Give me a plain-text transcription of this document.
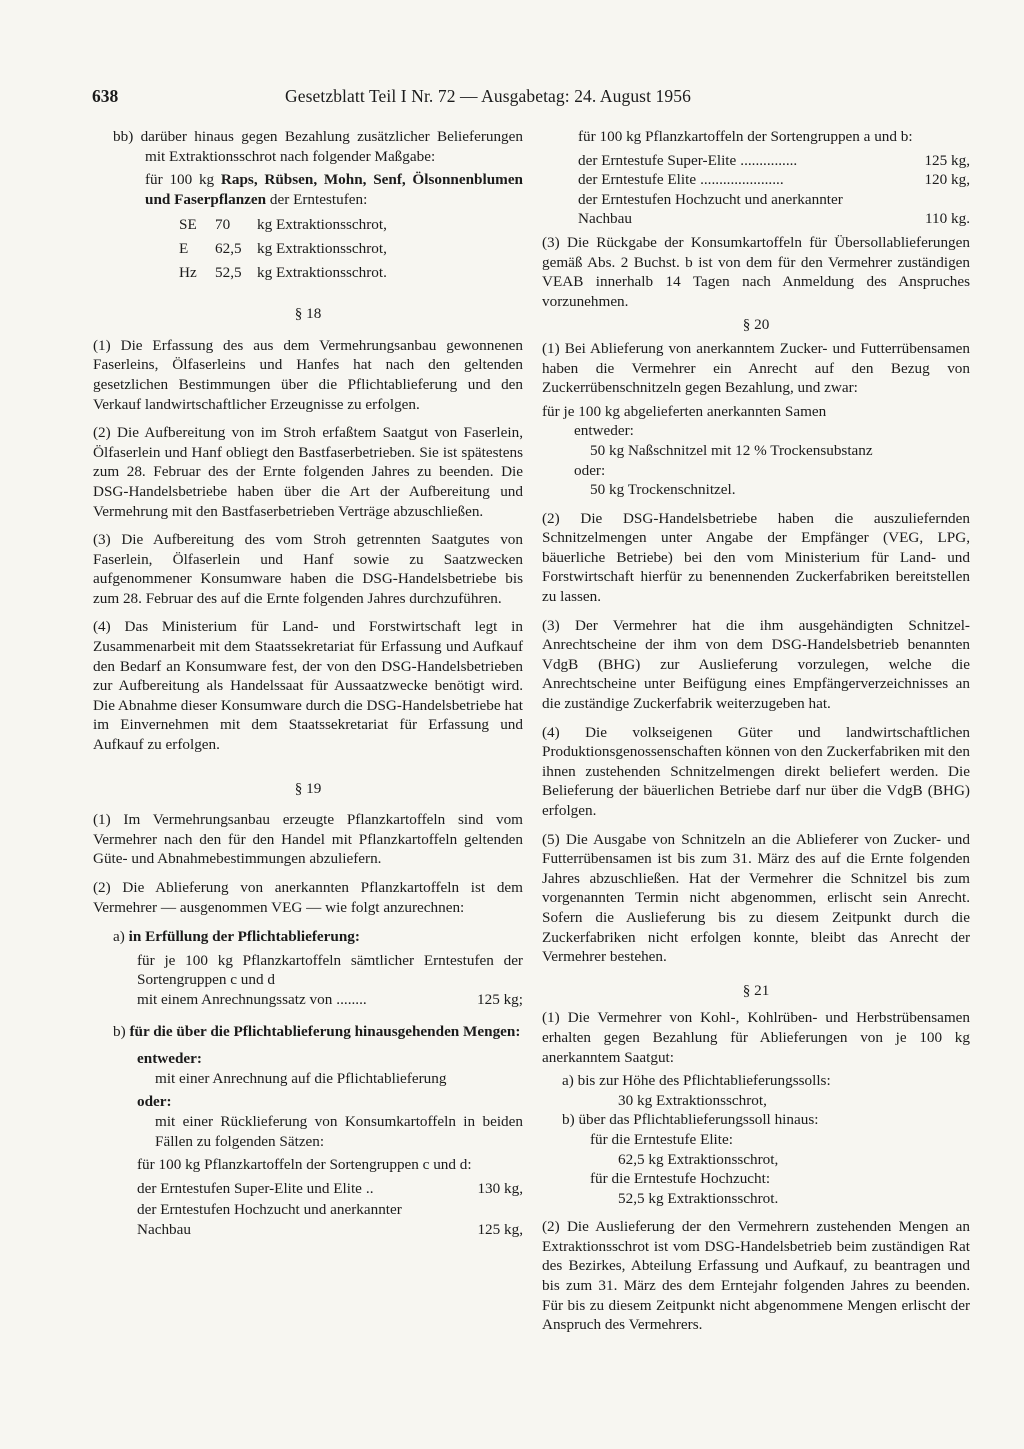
638	Gesetzblatt Teil I Nr. 72 — Ausgabetag: 24. August 1956

bb) darüber hinaus gegen Bezahlung zusätzlicher Belieferungen mit Extraktionsschrot nach folgender Maßgabe:

für 100 kg Raps, Rübsen, Mohn, Senf, Ölsonnenblumen und Faserpflanzen der Erntestufen:

SE	70	kg Extraktionsschrot,
E	62,5	kg Extraktionsschrot,
Hz	52,5	kg Extraktionsschrot.
§ 18

(1) Die Erfassung des aus dem Vermehrungsanbau gewonnenen Faserleins, Ölfaserleins und Hanfes hat nach den geltenden gesetzlichen Bestimmungen über die Pflichtablieferung und den Verkauf landwirtschaftlicher Erzeugnisse zu erfolgen.

(2) Die Aufbereitung von im Stroh erfaßtem Saatgut von Faserlein, Ölfaserlein und Hanf obliegt den Bastfaserbetrieben. Sie ist spätestens zum 28. Februar des der Ernte folgenden Jahres zu beenden. Die DSG-Handelsbetriebe haben über die Art der Aufbereitung und Vermehrung mit den Bastfaserbetrieben Verträge abzuschließen.

(3) Die Aufbereitung des vom Stroh getrennten Saatgutes von Faserlein, Ölfaserlein und Hanf sowie zu Saatzwecken aufgenommener Konsumware haben die DSG-Handelsbetriebe bis zum 28. Februar des auf die Ernte folgenden Jahres durchzuführen.

(4) Das Ministerium für Land- und Forstwirtschaft legt in Zusammenarbeit mit dem Staatssekretariat für Erfassung und Aufkauf den Bedarf an Konsumware fest, der von den DSG-Handelsbetrieben zur Aufbereitung als Handelssaat für Aussaatzwecke benötigt wird. Die Abnahme dieser Konsumware durch die DSG-Handelsbetriebe hat im Einvernehmen mit dem Staatssekretariat für Erfassung und Aufkauf zu erfolgen.

§ 19

(1) Im Vermehrungsanbau erzeugte Pflanzkartoffeln sind vom Vermehrer nach den für den Handel mit Pflanzkartoffeln geltenden Güte- und Abnahmebestimmungen abzuliefern.

(2) Die Ablieferung von anerkannten Pflanzkartoffeln ist dem Vermehrer — ausgenommen VEG — wie folgt anzurechnen:

a) in Erfüllung der Pflichtablieferung:

für je 100 kg Pflanzkartoffeln sämtlicher Erntestufen der Sortengruppen c und d

mit einem Anrechnungssatz von ........	125 kg;

b) für die über die Pflichtablieferung hinausgehenden Mengen:

entweder:

mit einer Anrechnung auf die Pflichtablieferung

oder:

mit einer Rücklieferung von Konsumkartoffeln in beiden Fällen zu folgenden Sätzen:

für 100 kg Pflanzkartoffeln der Sortengruppen c und d:

der Erntestufen Super-Elite und Elite ..	130 kg,
der Erntestufen Hochzucht und anerkannter Nachbau	125 kg,

für 100 kg Pflanzkartoffeln der Sortengruppen a und b:

der Erntestufe Super-Elite ...............	125 kg,
der Erntestufe Elite ......................	120 kg,
der Erntestufen Hochzucht und anerkannter Nachbau	110 kg.

(3) Die Rückgabe der Konsumkartoffeln für Übersollablieferungen gemäß Abs. 2 Buchst. b ist von dem für den Vermehrer zuständigen VEAB innerhalb 14 Tagen nach Anmeldung des Anspruches vorzunehmen.

§ 20

(1) Bei Ablieferung von anerkanntem Zucker- und Futterrübensamen haben die Vermehrer ein Anrecht auf den Bezug von Zuckerrübenschnitzeln gegen Bezahlung, und zwar:

für je 100 kg abgelieferten anerkannten Samen

entweder:

50 kg Naßschnitzel mit 12 % Trockensubstanz

oder:

50 kg Trockenschnitzel.

(2) Die DSG-Handelsbetriebe haben die auszuliefernden Schnitzelmengen unter Angabe der Empfänger (VEG, LPG, bäuerliche Betriebe) bei den vom Ministerium für Land- und Forstwirtschaft hierfür zu benennenden Zuckerfabriken bereitstellen zu lassen.

(3) Der Vermehrer hat die ihm ausgehändigten Schnitzel-Anrechtscheine der ihm von dem DSG-Handelsbetrieb benannten VdgB (BHG) zur Auslieferung vorzulegen, welche die Anrechtscheine unter Beifügung eines Empfängerverzeichnisses an die zuständige Zuckerfabrik weiterzugeben hat.

(4) Die volkseigenen Güter und landwirtschaftlichen Produktionsgenossenschaften können von den Zuckerfabriken mit den ihnen zustehenden Schnitzelmengen direkt beliefert werden. Die Belieferung der bäuerlichen Betriebe darf nur über die VdgB (BHG) erfolgen.

(5) Die Ausgabe von Schnitzeln an die Ablieferer von Zucker- und Futterrübensamen ist bis zum 31. März des auf die Ernte folgenden Jahres abzuschließen. Hat der Vermehrer die Schnitzel bis zum vorgenannten Termin nicht abgenommen, erlischt sein Anrecht. Sofern die Auslieferung bis zu diesem Zeitpunkt durch die Zuckerfabriken nicht erfolgen konnte, bleibt das Anrecht der Vermehrer bestehen.

§ 21

(1) Die Vermehrer von Kohl-, Kohlrüben- und Herbstrübensamen erhalten gegen Bezahlung für Ablieferungen von je 100 kg anerkanntem Saatgut:

a) bis zur Höhe des Pflichtablieferungssolls:

30 kg Extraktionsschrot,

b) über das Pflichtablieferungssoll hinaus:

für die Erntestufe Elite:

62,5 kg Extraktionsschrot,

für die Erntestufe Hochzucht:

52,5 kg Extraktionsschrot.

(2) Die Auslieferung der den Vermehrern zustehenden Mengen an Extraktionsschrot ist vom DSG-Handelsbetrieb beim zuständigen Rat des Bezirkes, Abteilung Erfassung und Aufkauf, zu beantragen und bis zum 31. März des dem Erntejahr folgenden Jahres zu beenden. Für bis zu diesem Zeitpunkt nicht abgenommene Mengen erlischt der Anspruch des Vermehrers.
